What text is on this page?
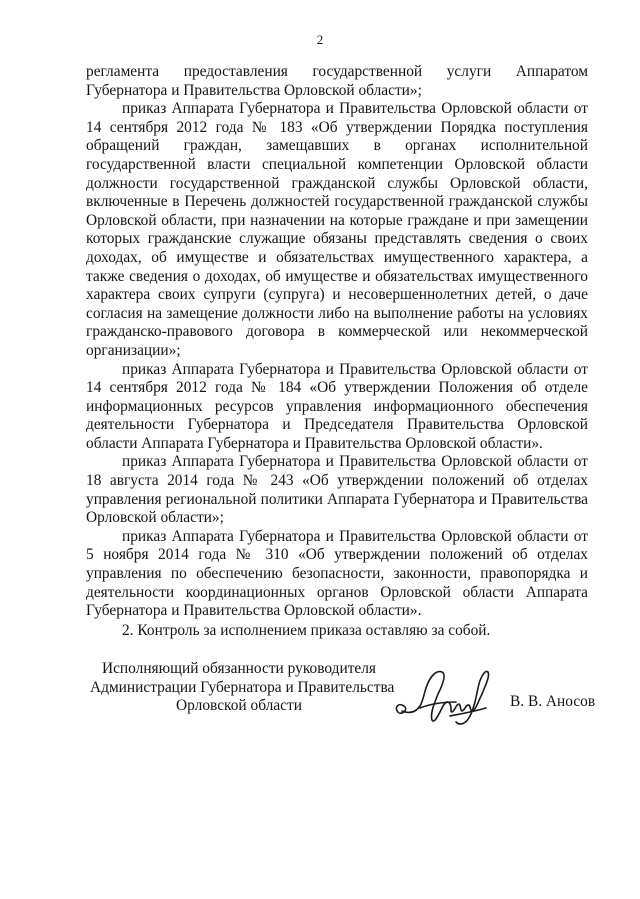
2

регламента предоставления государственной услуги Аппаратом Губернатора и Правительства Орловской области»;

приказ Аппарата Губернатора и Правительства Орловской области от 14 сентября 2012 года № 183 «Об утверждении Порядка поступления обращений граждан, замещавших в органах исполнительной государственной власти специальной компетенции Орловской области должности государственной гражданской службы Орловской области, включенные в Перечень должностей государственной гражданской службы Орловской области, при назначении на которые граждане и при замещении которых гражданские служащие обязаны представлять сведения о своих доходах, об имуществе и обязательствах имущественного характера, а также сведения о доходах, об имуществе и обязательствах имущественного характера своих супруги (супруга) и несовершеннолетних детей, о даче согласия на замещение должности либо на выполнение работы на условиях гражданско-правового договора в коммерческой или некоммерческой организации»;

приказ Аппарата Губернатора и Правительства Орловской области от 14 сентября 2012 года № 184 «Об утверждении Положения об отделе информационных ресурсов управления информационного обеспечения деятельности Губернатора и Председателя Правительства Орловской области Аппарата Губернатора и Правительства Орловской области».

приказ Аппарата Губернатора и Правительства Орловской области от 18 августа 2014 года № 243 «Об утверждении положений об отделах управления региональной политики Аппарата Губернатора и Правительства Орловской области»;

приказ Аппарата Губернатора и Правительства Орловской области от 5 ноября 2014 года № 310 «Об утверждении положений об отделах управления по обеспечению безопасности, законности, правопорядка и деятельности координационных органов Орловской области Аппарата Губернатора и Правительства Орловской области».

2. Контроль за исполнением приказа оставляю за собой.

Исполняющий обязанности руководителя
Администрации Губернатора и Правительства
Орловской области	В. В. Аносов
